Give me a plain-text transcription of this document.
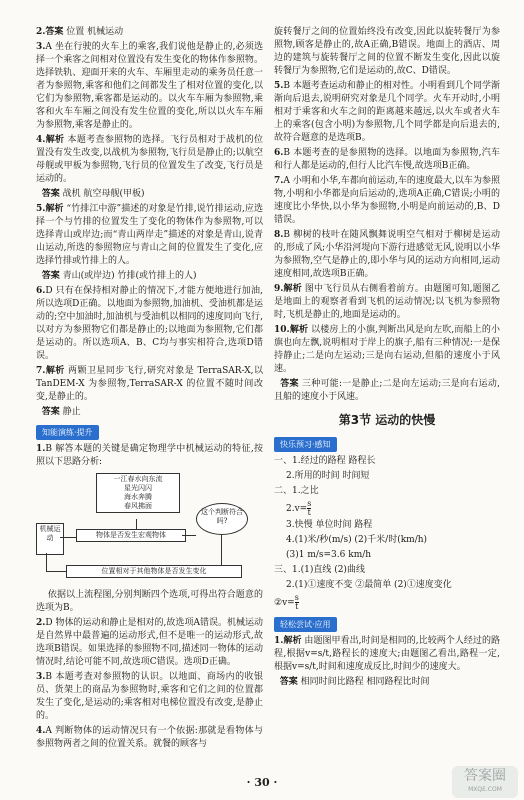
2.答案 位置 机械运动
3.A 坐在行驶的火车上的乘客,我们说他是静止的,必须选择一个乘客之间相对位置没有发生变化的物体作参照物。选择铁轨、迎面开来的火车、车厢里走动的乘务员任意一者为参照物,乘客和他们之间都发生了相对位置的变化,以它们为参照物,乘客都是运动的。以火车车厢为参照物,乘客和火车车厢之间没有发生位置的变化,所以以火车车厢为参照物,乘客是静止的。
4.解析 本题考查参照物的选择。飞行员相对于战机的位置没有发生改变,以战机为参照物,飞行员是静止的;以航空母舰或甲板为参照物,飞行员的位置发生了改变,飞行员是运动的。
答案 战机 航空母舰(甲板)
5.解析 “竹排江中游”描述的对象是竹排,说竹排运动,应选择一个与竹排的位置发生了变化的物体作为参照物,可以选择青山或岸边;而“青山两岸走”描述的对象是青山,说青山运动,所选的参照物应与青山之间的位置发生了变化,应选择竹排或竹排上的人。
答案 青山(或岸边) 竹排(或竹排上的人)
6.D 只有在保持相对静止的情况下,才能方便地进行加油,所以选项D正确。以地面为参照物,加油机、受油机都是运动的;空中加油时,加油机与受油机以相同的速度同向飞行,以对方为参照物它们都是静止的;以地面为参照物,它们都是运动的。所以选项A、B、C均与事实相符合,选项D错误。
7.解析 两颗卫星同步飞行,研究对象是 TerraSAR-X,以 TanDEM-X 为参照物,TerraSAR-X 的位置不随时间改变,是静止的。
答案 静止
知能演练·提升
1.B 解答本题的关键是确定物理学中机械运动的特征,按照以下思路分析:
一江春水向东流
星光闪闪
海水奔腾
春风拂面
机械运动	物体是否发生宏观物体
这个判断符合吗?
位置相对于其他物体是否发生变化
依据以上流程图,分别判断四个选项,可得出符合题意的选项为B。
2.D 物体的运动和静止是相对的,故选项A错误。机械运动是自然界中最普遍的运动形式,但不是唯一的运动形式,故选项B错误。如果选择的参照物不同,描述同一物体的运动情况时,结论可能不同,故选项C错误。选项D正确。
3.B 本题考查对参照物的认识。以地面、商场内的收银员、货架上的商品为参照物时,乘客和它们之间的位置都发生了变化,是运动的;乘客相对电梯位置没有改变,是静止的。
4.A 判断物体的运动情况只有一个依据:那就是看物体与参照物两者之间的位置关系。就餐的顾客与
旋转餐厅之间的位置始终没有改变,因此以旋转餐厅为参照物,顾客是静止的,故A正确,B错误。地面上的酒店、周边的建筑与旋转餐厅之间的位置不断发生变化,因此以旋转餐厅为参照物,它们是运动的,故C、D错误。
5.B 本题考查运动和静止的相对性。小明看到几个同学渐渐向后退去,说明研究对象是几个同学。火车开动时,小明相对于乘客和火车之间的距离越来越远,以火车或者火车上的乘客(包含小明)为参照物,几个同学都是向后退去的,故符合题意的是选项B。
6.B 本题考查的是参照物的选择。以地面为参照物,汽车和行人都是运动的,但行人比汽车慢,故选项B正确。
7.A 小明和小华,车都向前运动,车的速度最大,以车为参照物,小明和小华都是向后运动的,选项A正确,C错误;小明的速度比小华快,以小华为参照物,小明是向前运动的,B、D错误。
8.B 柳树的枝叶在随风飘舞说明空气相对于柳树是运动的,形成了风;小华沿河堤向下游行进感觉无风,说明以小华为参照物,空气是静止的,即小华与风的运动方向相同,运动速度相同,故选项B正确。
9.解析 图中飞行员从右侧看着前方。由题图可知,题图乙是地面上的观察者看到飞机的运动情况;以飞机为参照物时,飞机是静止的,地面是运动的。
10.解析 以楼房上的小旗,判断出风是向左吹,而船上的小旗也向左飘,说明相对于岸上的旗子,船有三种情况:一是保持静止;二是向左运动;三是向右运动,但船的速度小于风速。
答案 三种可能:一是静止;二是向左运动;三是向右运动,且船的速度小于风速。
第3节 运动的快慢
快乐预习·感知
一、1.经过的路程 路程长
2.所用的时间 时间短
二、1.之比
$2.v= \frac{s}{t}$
3.快慢 单位时间 路程
4.(1)米/秒(m/s) (2)千米/时(km/h)
(3)1 m/s=3.6 km/h
三、1.(1)直线 (2)曲线
2.(1)①速度不变 ②最简单 (2)①速度变化
②v= $\frac{s}{t}$
轻松尝试·应用
1.解析 由题图甲看出,时间是相同的,比较两个人经过的路程,根据v=s/t,路程长的速度大;由题图乙看出,路程一定,根据v=s/t,时间和速度成反比,时间少的速度大。
答案 相同时间比路程 相同路程比时间
· 30 ·	答案圈
MXQE.COM
